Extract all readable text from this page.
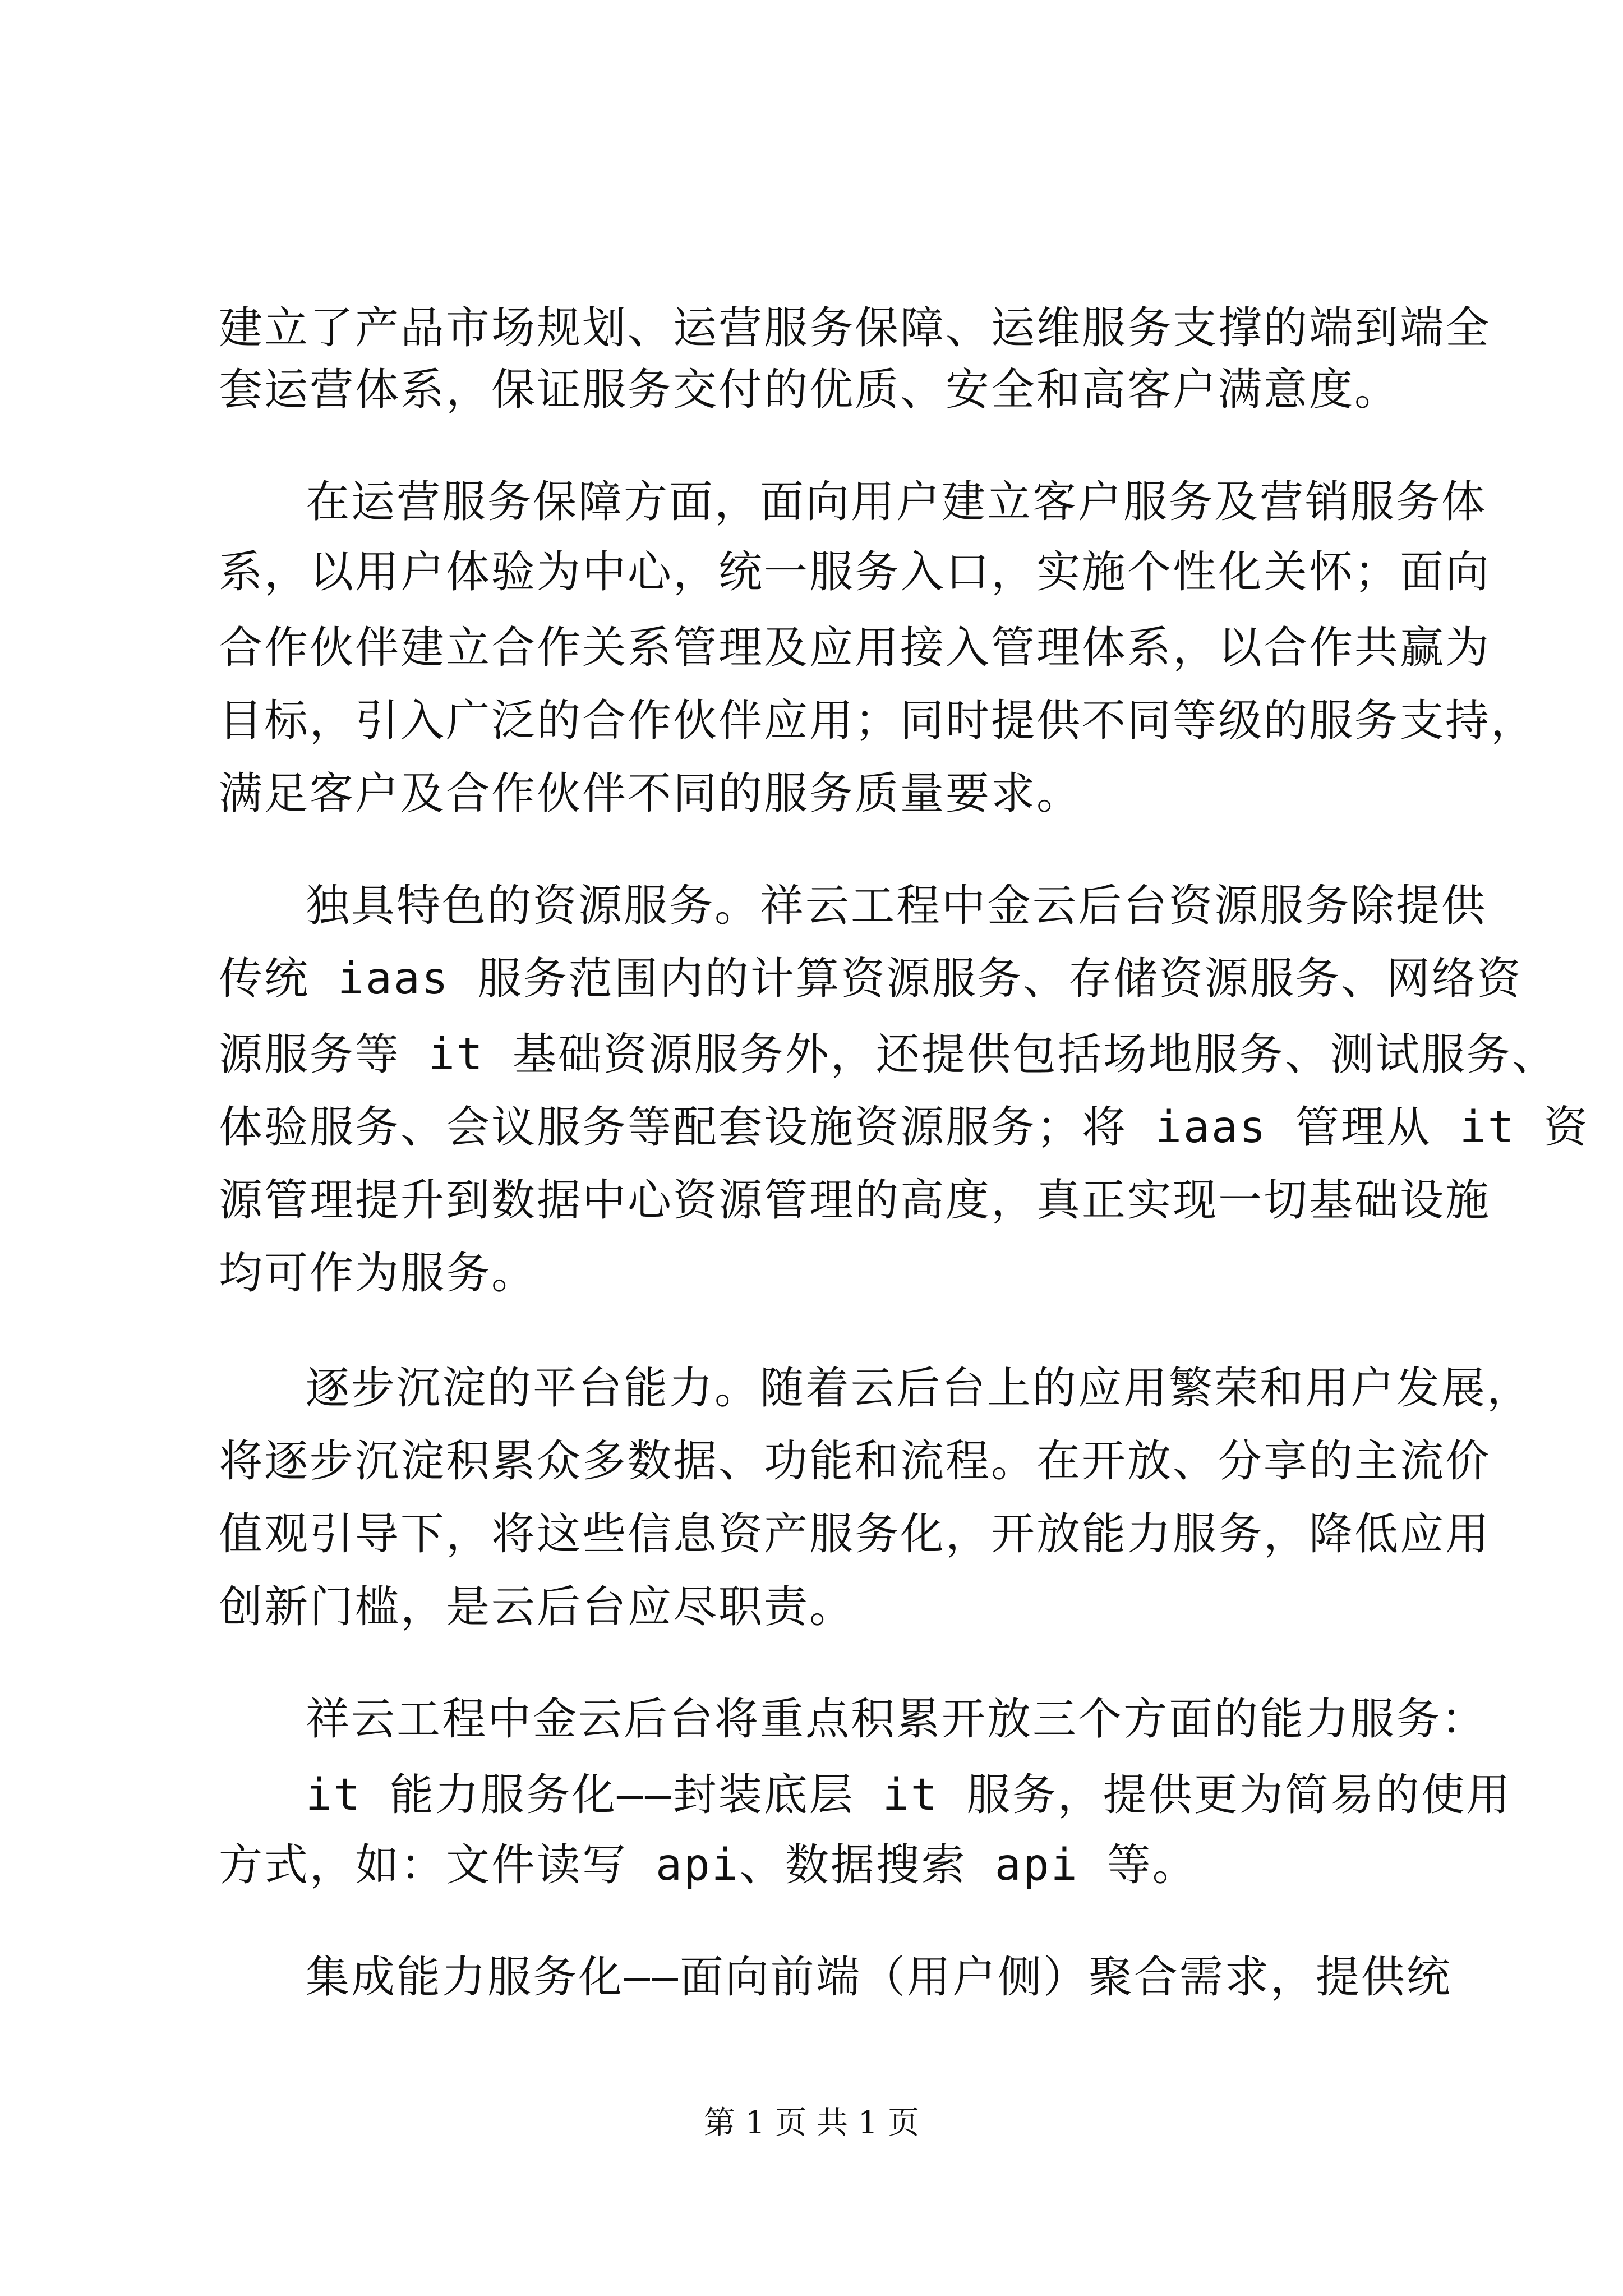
建立了产品市场规划、运营服务保障、运维服务支撑的端到端全
套运营体系，保证服务交付的优质、安全和高客户满意度。
在运营服务保障方面，面向用户建立客户服务及营销服务体
系，以用户体验为中心，统一服务入口，实施个性化关怀；面向
合作伙伴建立合作关系管理及应用接入管理体系，以合作共赢为
目标，引入广泛的合作伙伴应用；同时提供不同等级的服务支持，
满足客户及合作伙伴不同的服务质量要求。
独具特色的资源服务。祥云工程中金云后台资源服务除提供
传统 iaas 服务范围内的计算资源服务、存储资源服务、网络资
源服务等 it 基础资源服务外，还提供包括场地服务、测试服务、
体验服务、会议服务等配套设施资源服务；将 iaas 管理从 it 资
源管理提升到数据中心资源管理的高度，真正实现一切基础设施
均可作为服务。
逐步沉淀的平台能力。随着云后台上的应用繁荣和用户发展，
将逐步沉淀积累众多数据、功能和流程。在开放、分享的主流价
值观引导下，将这些信息资产服务化，开放能力服务，降低应用
创新门槛，是云后台应尽职责。
祥云工程中金云后台将重点积累开放三个方面的能力服务：
it 能力服务化——封装底层 it 服务，提供更为简易的使用
方式，如：文件读写 api、数据搜索 api 等。
集成能力服务化——面向前端（用户侧）聚合需求，提供统
第 1 页 共 1 页
